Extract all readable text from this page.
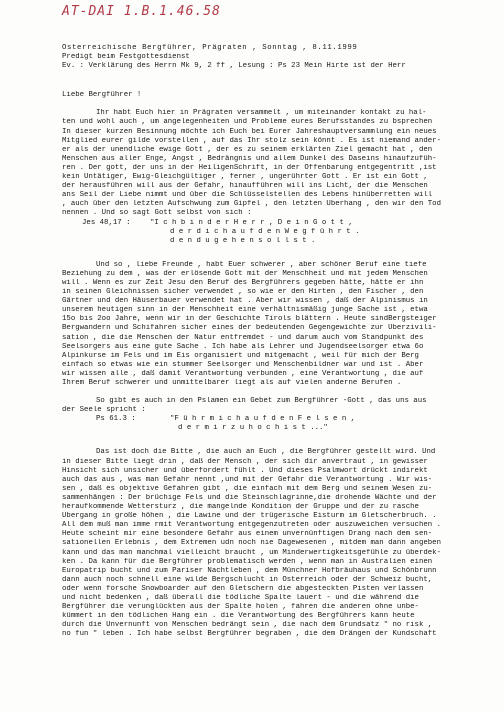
AT-DAI 1.B.1.46.58

Österreichische Bergführer, Prägraten , Sonntag , 8.11.1999

Predigt beim Festgottesdienst

Ev. : Verklärung des Herrn Mk 9, 2 ff , Lesung : Ps 23 Mein Hirte ist der Herr

Liebe Bergführer !

Ihr habt Euch hier in Prägraten versammelt , um miteinander kontakt zu hal-

ten und wohl auch , um angelegenheiten und Probleme eures Berufsstandes zu bsprechen

In dieser kurzen Besinnung möchte ich Euch bei Eurer Jahreshauptversammlung ein neues

Mitglied eurer gilde vorstellen , auf das Ihr stolz sein könnt . Es ist niemand ander-

er als der unendliche ewige Gott , der es zu seinem erklärten Ziel gemacht hat , den

Menschen aus aller Enge, Angst , Bedrängnis und allem Dunkel des Daseins hinaufzufüh-

ren . Der gott, der uns in der HeiligenSchrift, in der Offenbarung entgegentritt ,ist

kein Untätiger, Ewig-Gleichgültiger , ferner , ungerührter Gott . Er ist ein Gott ,

der herausführen will aus der Gefahr, hinaufführen will ins Licht, der die Menschen

ans Seil der Liebe nimmt und über die Schlüsselstellen des Lebens hinüberretten will

, auch über den letzten Aufschwung zum Gipfel , den letzten Überhang , den wir den Tod

nennen . Und so sagt Gott selbst von sich :

Jes 48,17 :	"I c h b i n d e r H e r r , D e i n G o t t ,

d e r d i c h a u f d e n W e g f ü h r t .

d e n d u g e h e n s o l l s t .

Und so , liebe Freunde , habt Euer schwerer , aber schöner Beruf eine tiefe

Beziehung zu dem , was der erlösende Gott mit der Menschheit und mit jedem Menschen

will . Wenn es zur Zeit Jesu den Beruf des Bergführers gegeben hätte, hätte er ihn

in seinen Gleichnissen sicher verwendet , so wie er den Hirten , den Fischer , den

Gärtner und den Häuserbauer verwendet hat . Aber wir wissen , daß der Alpinismus in

unserem heutigen sinn in der Menschheit eine verhältnismäßig junge Sache ist , etwa

15o bis 2oo Jahre, wenn wir in der Geschichte Tirols blättern . Heute sindBergsteiger

Bergwandern und Schifahren sicher eines der bedeutenden Gegengewichte zur Überzivili-

sation , die die Menschen der Natur entfremdet - und darum auch vom Standpunkt des

Seelsorgers aus eine gute Sache . Ich habe als Lehrer und Jugendseelsorger etwa 6o

Alpinkurse im Fels und im Eis organisiert und mitgemacht , weil für mich der Berg

einfach so etwas wie ein stummer Seelsorger und Menschenbildner war und ist . Aber

wir wissen alle , daß damit Verantwortung verbunden , eine Verantwortung , die auf

Ihrem Beruf schwerer und unmittelbarer liegt als auf vielen anderne Berufen .

So gibt es auch in den Pslamen ein Gebet zum Bergführer -Gott , das uns aus

der Seele spricht :

Ps 61.3 :	"F ü h r m i c h a u f d e n F e l s e n ,

d e r m i r z u h o c h i s t ..."

Das ist doch die Bitte , die auch an Euch , die Bergführer gestellt wird. Und

in dieser Bitte liegt drin , daß der Mensch , der sich dir anvertraut , in gewisser

Hinsicht sich unsicher und überfordert fühlt . Und dieses Psalmwort drückt indirekt

auch das aus , was man Gefahr nennt ,und mit der Gefahr die Verantwortung . Wir wis-

sen , daß es objektive Gefahren gibt , die einfach mit dem Berg und seinem Wesen zu-

sammenhängen : Der brüchige Fels und die Steinschlagrinne,die drohende Wächte und der

heraufkommende Wettersturz , die mangelnde Kondition der Gruppe und der zu rasche

Übergang in große höhen , die Lawine und der trügerische Eisturm im Gletscherbruch. .

All dem muß man imme rmit Verantwortung entgegenzutreten oder auszuweichen versuchen .

Heute scheint mir eine besondere Gefahr aus einem unvernünftigen Drang nach dem sen-

sationellen Erlebnis , dem Extremen udn noch nie Dagewesenen , mitdem man dann angeben

kann und das man manchmal vielleicht braucht , um Minderwertigkeitsgefühle zu überdek-

ken . Da kann für die Bergführer problematisch werden , wenn man in Australien einen

Europatrip bucht und zum Pariser Nachtleben , dem Münchner Hofbräuhaus und Schönbrunn

dann auch noch schnell eine wilde Bergschlucht in Österreich oder der Schweiz bucht,

oder wenn forsche Snowboarder auf den Gletschern die abgesteckten Pisten verlassen

und nicht bedenken , daß überall die tödliche Spalte lauert - und die während die

Bergführer die verunglückten aus der Spalte holen , fahren die anderen ohne unbe-

kümmert in den tödlichen Hang ein . die Verantwortung des Bergführers kann heute

durch die Unvernunft von Menschen bedrängt sein , die nach dem Grundsatz " no risk ,

no fun " leben . Ich habe selbst Bergführer begraben , die dem Drängen der Kundschaft
